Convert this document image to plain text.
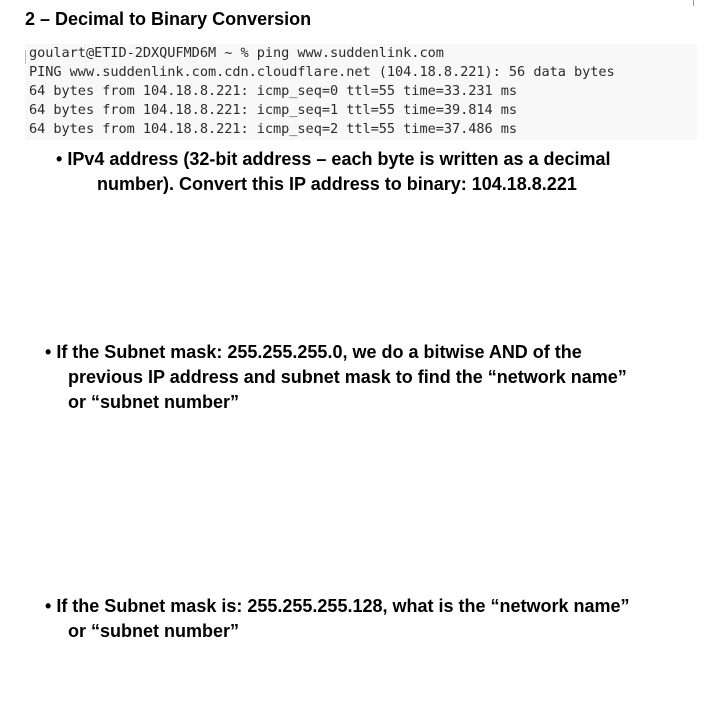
2 – Decimal to Binary Conversion
goulart@ETID-2DXQUFMD6M ~ % ping www.suddenlink.com
PING www.suddenlink.com.cdn.cloudflare.net (104.18.8.221): 56 data bytes
64 bytes from 104.18.8.221: icmp_seq=0 ttl=55 time=33.231 ms
64 bytes from 104.18.8.221: icmp_seq=1 ttl=55 time=39.814 ms
64 bytes from 104.18.8.221: icmp_seq=2 ttl=55 time=37.486 ms
• IPv4 address (32-bit address – each byte is written as a decimal
number). Convert this IP address to binary: 104.18.8.221
• If the Subnet mask: 255.255.255.0, we do a bitwise AND of the
previous IP address and subnet mask to find the “network name”
or “subnet number”
• If the Subnet mask is: 255.255.255.128, what is the “network name”
or “subnet number”
